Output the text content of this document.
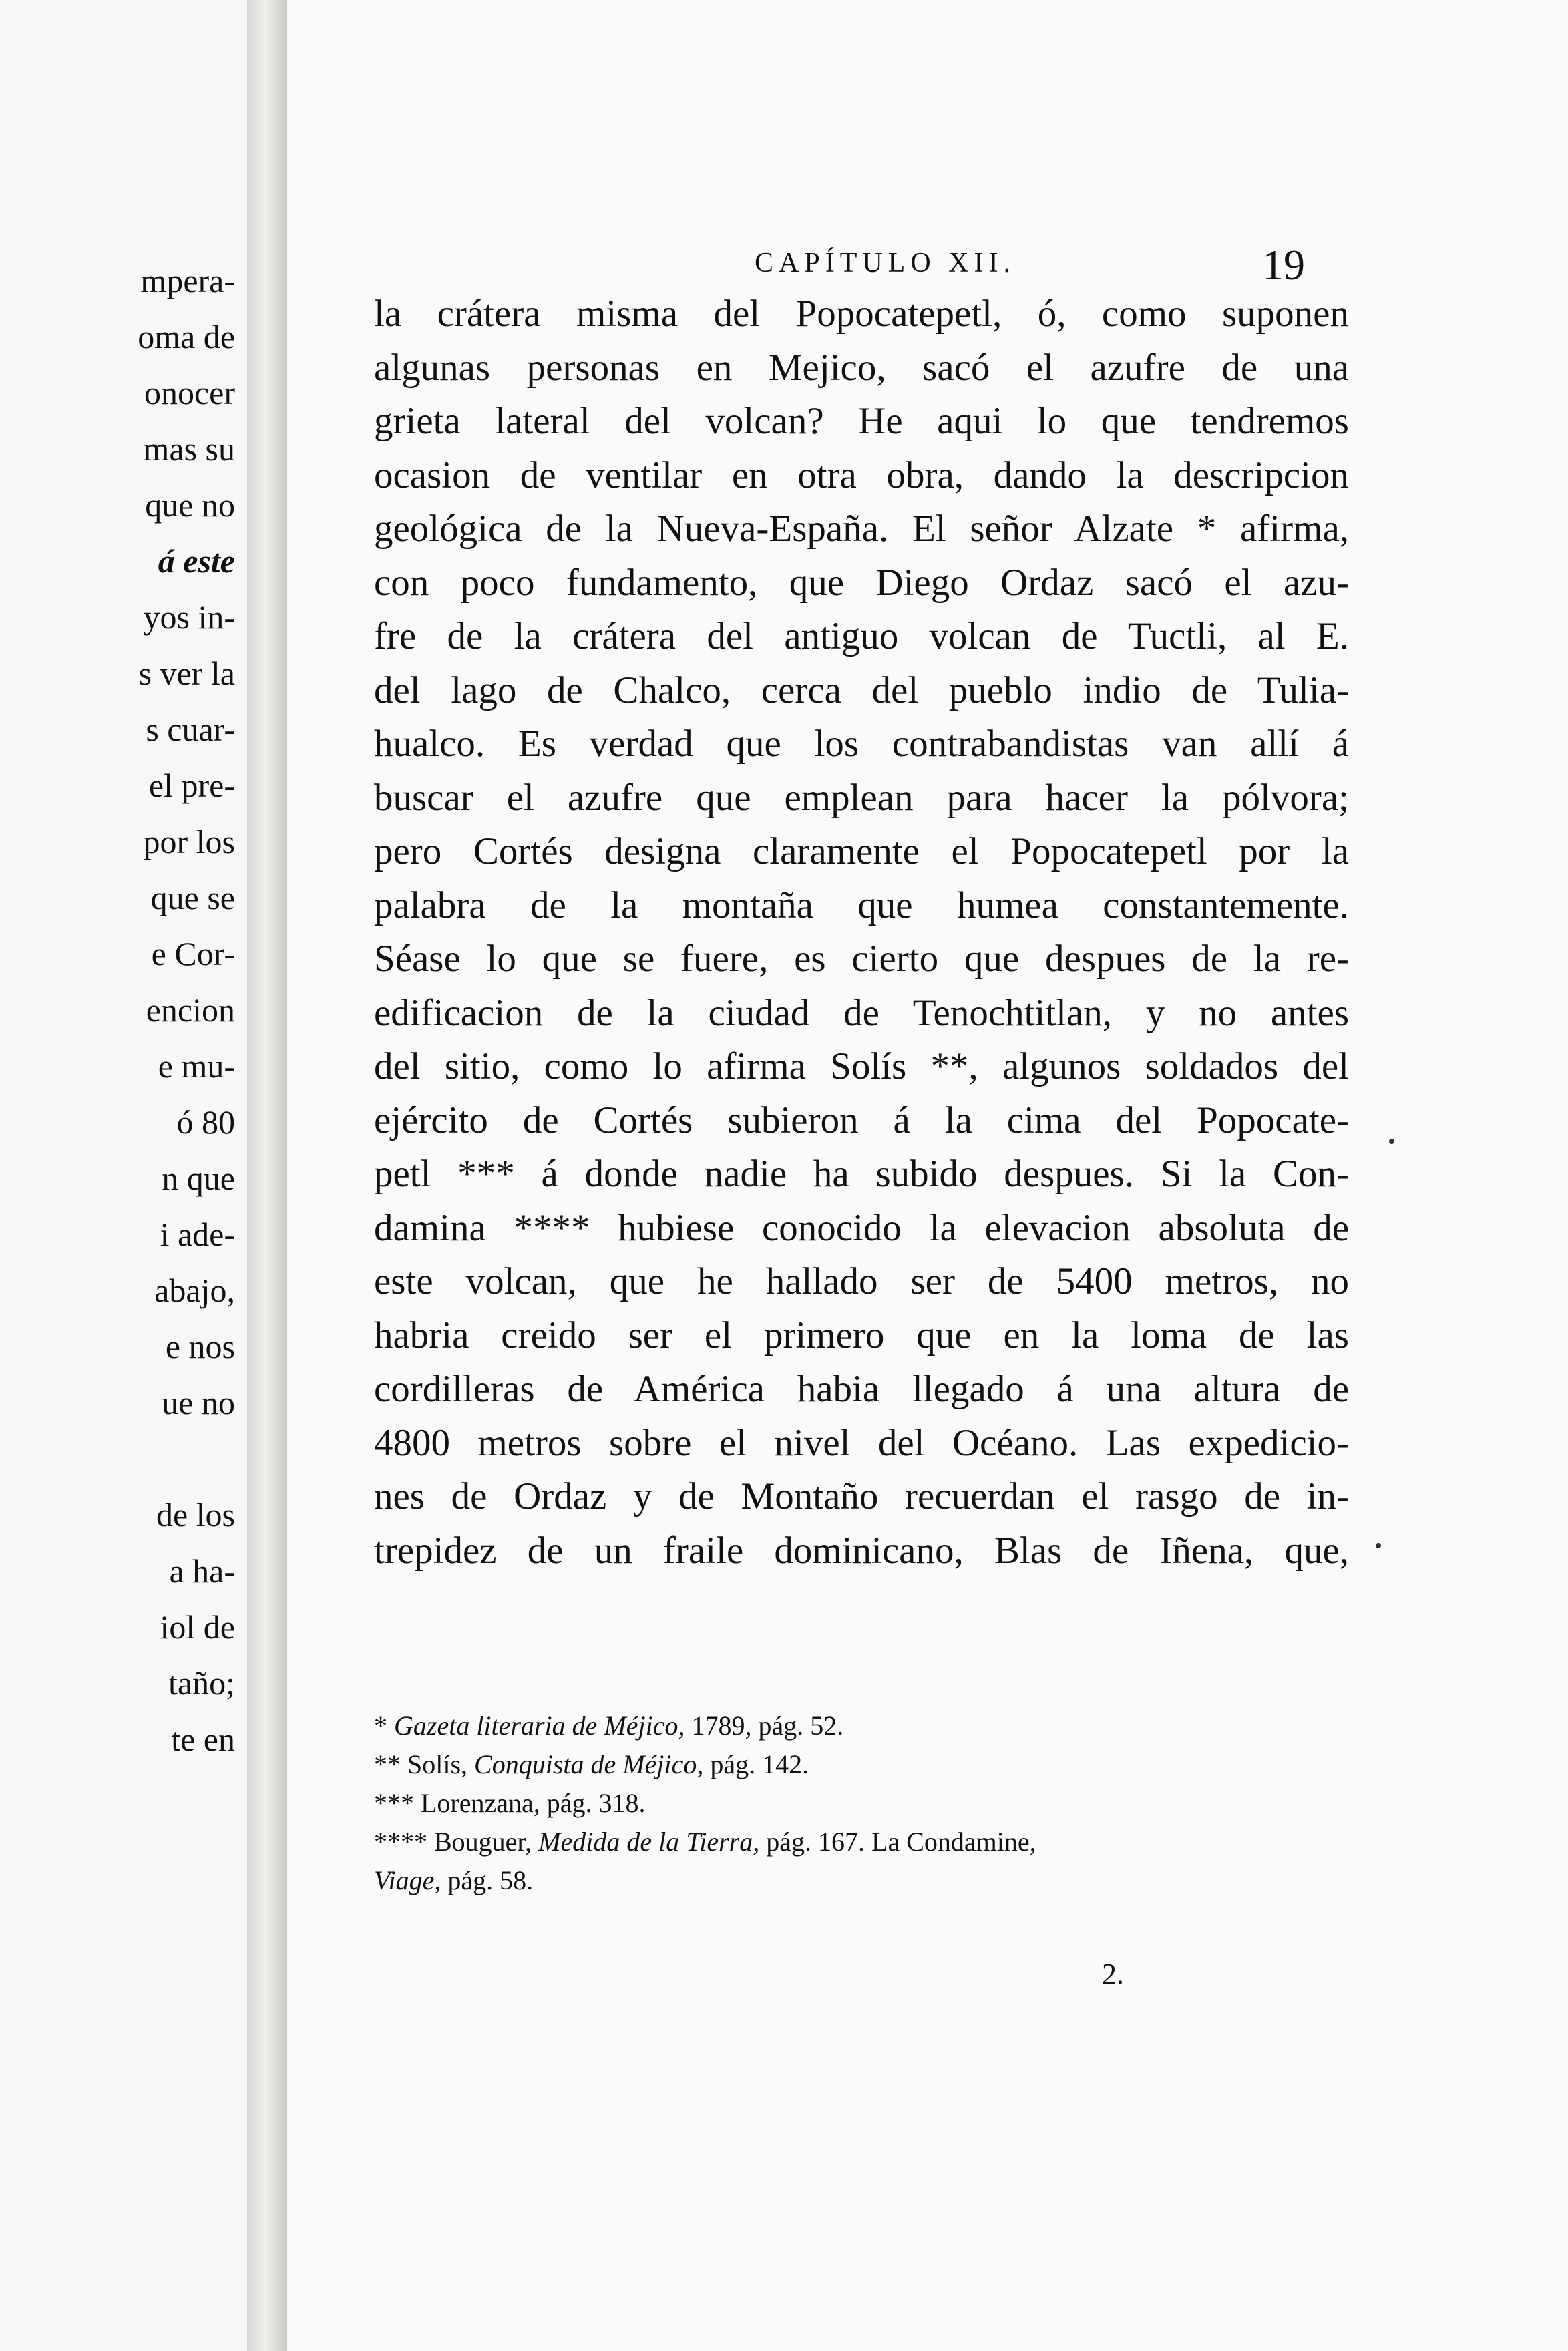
mpera-
oma de
onocer
mas su
que no
á este
yos in-
s ver la
s cuar-
el pre-
por los
que se
e Cor-
encion
e mu-
ó 80
n que
i ade-
abajo,
e nos
ue no
de los
a ha-
iol de
taño;
te en
CAPÍTULO XII.	19
la crátera misma del Popocatepetl, ó, como suponen
algunas personas en Mejico, sacó el azufre de una
grieta lateral del volcan? He aqui lo que tendremos
ocasion de ventilar en otra obra, dando la descripcion
geológica de la Nueva-España. El señor Alzate * afirma,
con poco fundamento, que Diego Ordaz sacó el azu-
fre de la crátera del antiguo volcan de Tuctli, al E.
del lago de Chalco, cerca del pueblo indio de Tulia-
hualco. Es verdad que los contrabandistas van allí á
buscar el azufre que emplean para hacer la pólvora;
pero Cortés designa claramente el Popocatepetl por la
palabra de la montaña que humea constantemente.
Séase lo que se fuere, es cierto que despues de la re-
edificacion de la ciudad de Tenochtitlan, y no antes
del sitio, como lo afirma Solís **, algunos soldados del
ejército de Cortés subieron á la cima del Popocate-
petl *** á donde nadie ha subido despues. Si la Con-
damina **** hubiese conocido la elevacion absoluta de
este volcan, que he hallado ser de 5400 metros, no
habria creido ser el primero que en la loma de las
cordilleras de América habia llegado á una altura de
4800 metros sobre el nivel del Océano. Las expedicio-
nes de Ordaz y de Montaño recuerdan el rasgo de in-
trepidez de un fraile dominicano, Blas de Iñena, que,
* Gazeta literaria de Méjico, 1789, pág. 52.
** Solís, Conquista de Méjico, pág. 142.
*** Lorenzana, pág. 318.
**** Bouguer, Medida de la Tierra, pág. 167. La Condamine,
Viage, pág. 58.
2.
